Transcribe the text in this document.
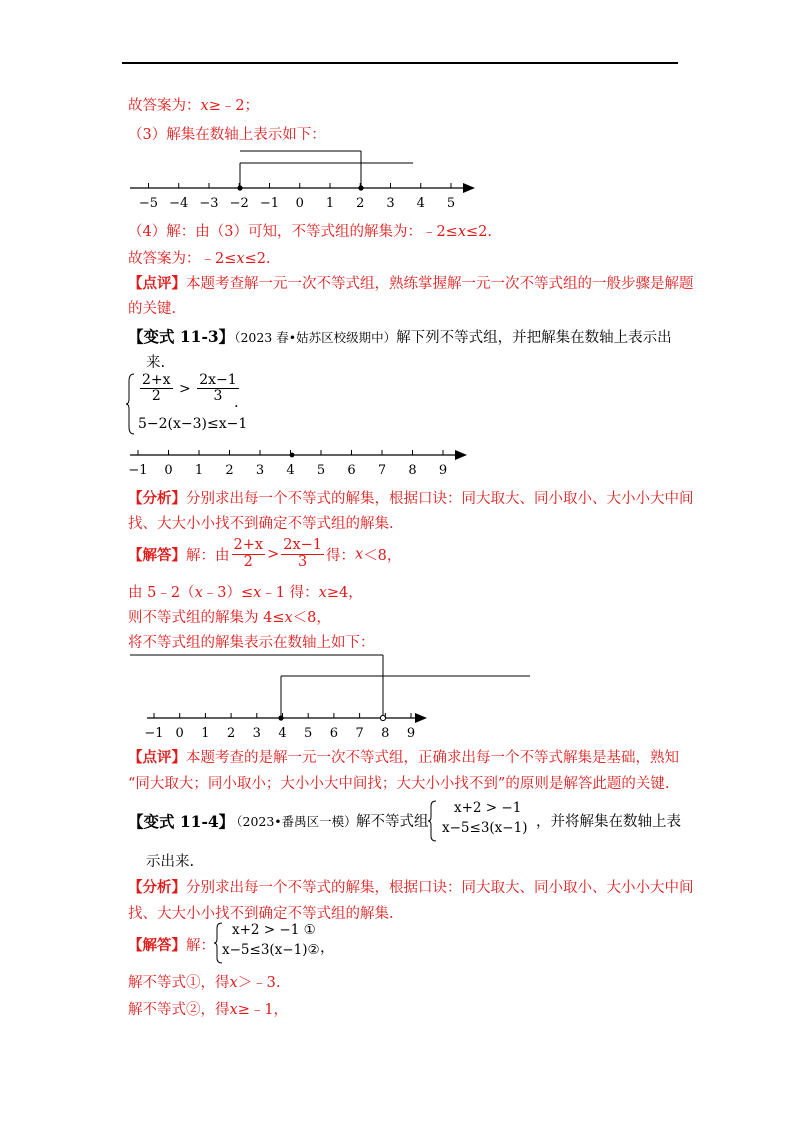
故答案为：x≥﹣2；
（3）解集在数轴上表示如下：
−5 −4 −3 −2 −1 0 1 2 3 4 5
（4）解：由（3）可知，不等式组的解集为：﹣2≤x≤2.
故答案为：﹣2≤x≤2.
【点评】本题考查解一元一次不等式组，熟练掌握解一元一次不等式组的一般步骤是解题
的关键.
【变式 11-3】（2023 春•姑苏区校级期中）解下列不等式组，并把解集在数轴上表示出
来.
$\frac{2+x}{2} > \frac{2x-1}{3}$
5−2(x−3)≤x−1
.
−1 0 1 2 3 4 5 6 7 8 9
【分析】分别求出每一个不等式的解集，根据口诀：同大取大、同小取小、大小小大中间
找、大大小小找不到确定不等式组的解集.
【解答】解：由 $\frac{2+x}{2} > \frac{2x-1}{3}$ 得：x＜8，
由 5﹣2（x﹣3）≤x﹣1 得：x≥4，
则不等式组的解集为 4≤x＜8，
将不等式组的解集表示在数轴上如下：
−1 0 1 2 3 4 5 6 7 8 9
【点评】本题考查的是解一元一次不等式组，正确求出每一个不等式解集是基础，熟知
“同大取大；同小取小；大小小大中间找；大大小小找不到”的原则是解答此题的关键.
【变式 11-4】
（2023•番禺区一模） 解不等式组
x+2 > −1
x−5≤3(x−1) ，并将解集在数轴上表
示出来.
【分析】分别求出每一个不等式的解集，根据口诀：同大取大、同小取小、大小小大中间
找、大大小小找不到确定不等式组的解集.
【解答】 解：
x+2 > −1 ①
x−5≤3(x−1)② ，
解不等式①，得x＞﹣3.
解不等式②，得x≥﹣1，
